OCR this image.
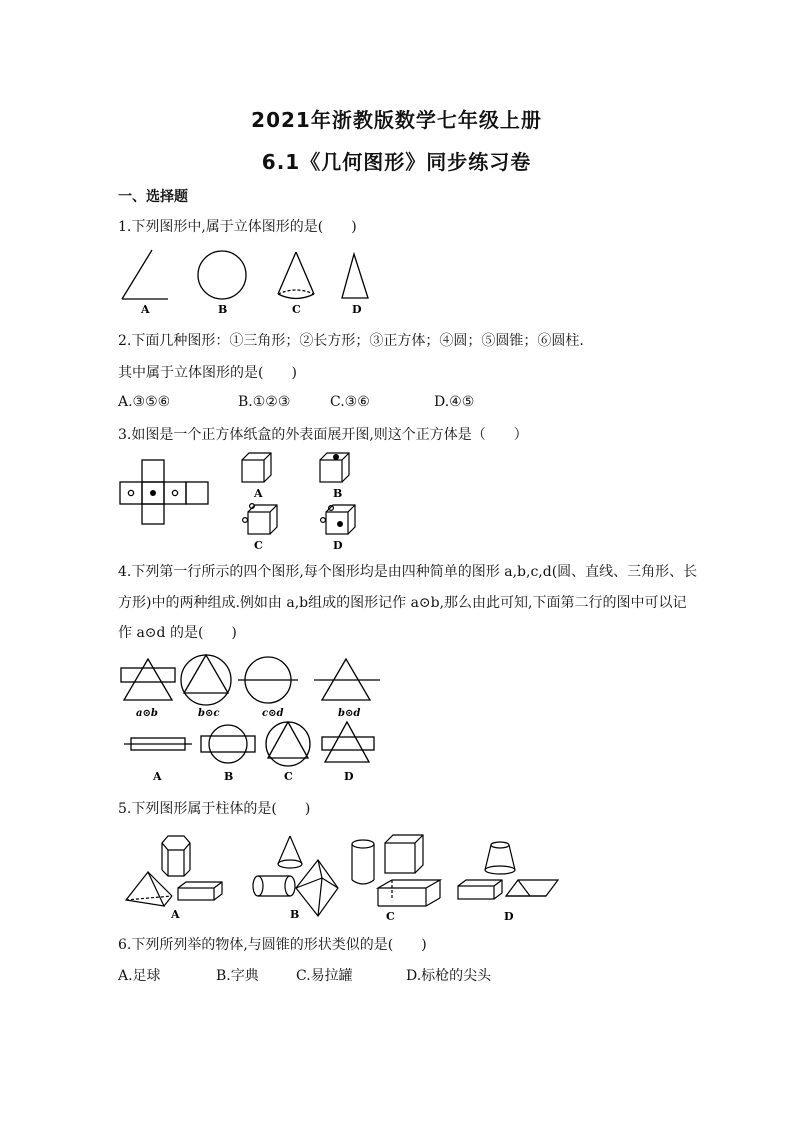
2021年浙教版数学七年级上册
6.1《几何图形》同步练习卷
一、选择题
1.下列图形中,属于立体图形的是(　　)
A	B	C	D
A	B
C	D
a⊙b	b⊙c	c⊙d	b⊙d
A	B	C	D
A	B	C	D
2.下面几种图形：①三角形；②长方形；③正方体；④圆；⑤圆锥；⑥圆柱.
其中属于立体图形的是(　　)
A.③⑤⑥	B.①②③	C.③⑥	D.④⑤
3.如图是一个正方体纸盒的外表面展开图,则这个正方体是（　　）
4.下列第一行所示的四个图形,每个图形均是由四种简单的图形 a,b,c,d(圆、直线、三角形、长
方形)中的两种组成.例如由 a,b组成的图形记作 a⊙b,那么由此可知,下面第二行的图中可以记
作 a⊙d 的是(　　)
5.下列图形属于柱体的是(　　)
6.下列所列举的物体,与圆锥的形状类似的是(　　)
A.足球	B.字典	C.易拉罐	D.标枪的尖头
